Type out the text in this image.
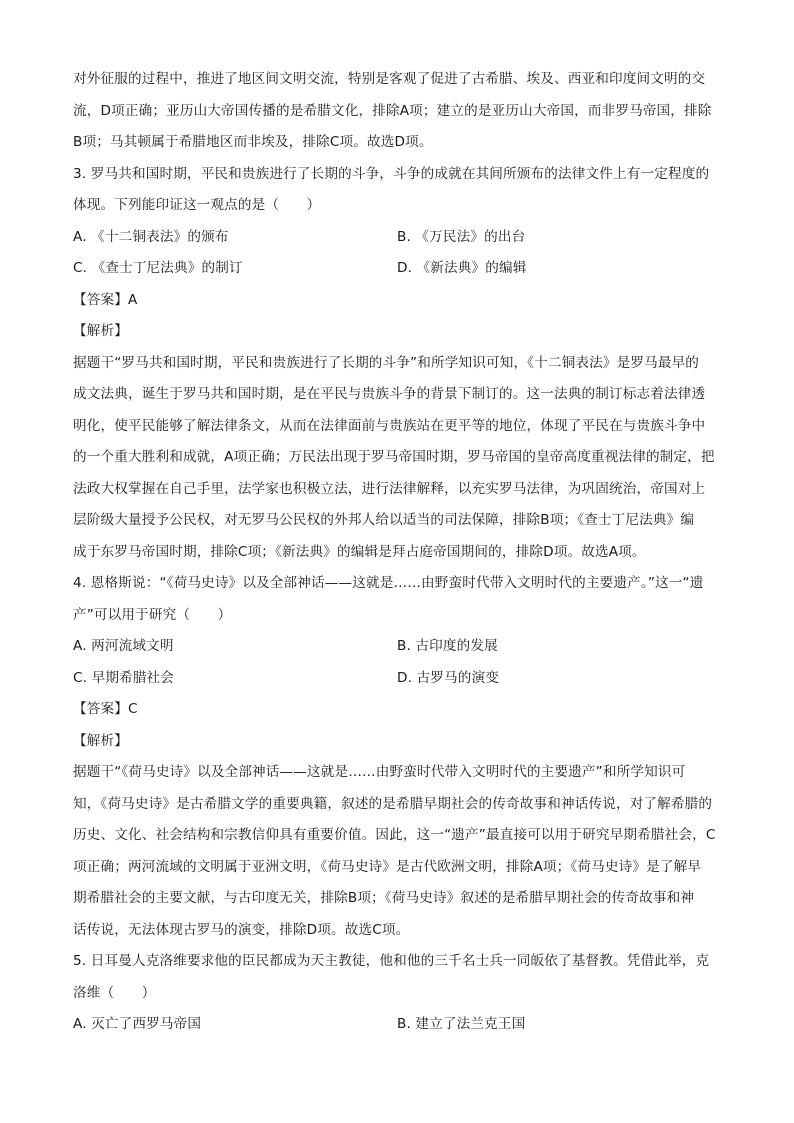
对外征服的过程中，推进了地区间文明交流，特别是客观了促进了古希腊、埃及、西亚和印度间文明的交
流，D项正确；亚历山大帝国传播的是希腊文化，排除A项；建立的是亚历山大帝国，而非罗马帝国，排除
B项；马其顿属于希腊地区而非埃及，排除C项。故选D项。
3. 罗马共和国时期，平民和贵族进行了长期的斗争，斗争的成就在其间所颁布的法律文件上有一定程度的
体现。下列能印证这一观点的是（　　）
A. 《十二铜表法》的颁布	B. 《万民法》的出台
C. 《查士丁尼法典》的制订	D. 《新法典》的编辑
【答案】A
【解析】
据题干“罗马共和国时期，平民和贵族进行了长期的斗争”和所学知识可知，《十二铜表法》是罗马最早的
成文法典，诞生于罗马共和国时期，是在平民与贵族斗争的背景下制订的。这一法典的制订标志着法律透
明化，使平民能够了解法律条文，从而在法律面前与贵族站在更平等的地位，体现了平民在与贵族斗争中
的一个重大胜利和成就，A项正确；万民法出现于罗马帝国时期，罗马帝国的皇帝高度重视法律的制定，把
法政大权掌握在自己手里，法学家也积极立法，进行法律解释，以充实罗马法律，为巩固统治，帝国对上
层阶级大量授予公民权，对无罗马公民权的外邦人给以适当的司法保障，排除B项；《查士丁尼法典》编
成于东罗马帝国时期，排除C项；《新法典》的编辑是拜占庭帝国期间的，排除D项。故选A项。
4. 恩格斯说：“《荷马史诗》以及全部神话——这就是……由野蛮时代带入文明时代的主要遗产。”这一“遗
产”可以用于研究（　　）
A. 两河流域文明	B. 古印度的发展
C. 早期希腊社会	D. 古罗马的演变
【答案】C
【解析】
据题干“《荷马史诗》以及全部神话——这就是……由野蛮时代带入文明时代的主要遗产”和所学知识可
知，《荷马史诗》是古希腊文学的重要典籍，叙述的是希腊早期社会的传奇故事和神话传说，对了解希腊的
历史、文化、社会结构和宗教信仰具有重要价值。因此，这一“遗产”最直接可以用于研究早期希腊社会，C
项正确；两河流域的文明属于亚洲文明，《荷马史诗》是古代欧洲文明，排除A项；《荷马史诗》是了解早
期希腊社会的主要文献，与古印度无关，排除B项；《荷马史诗》叙述的是希腊早期社会的传奇故事和神
话传说，无法体现古罗马的演变，排除D项。故选C项。
5. 日耳曼人克洛维要求他的臣民都成为天主教徒，他和他的三千名士兵一同皈依了基督教。凭借此举，克
洛维（　　）
A. 灭亡了西罗马帝国	B. 建立了法兰克王国
